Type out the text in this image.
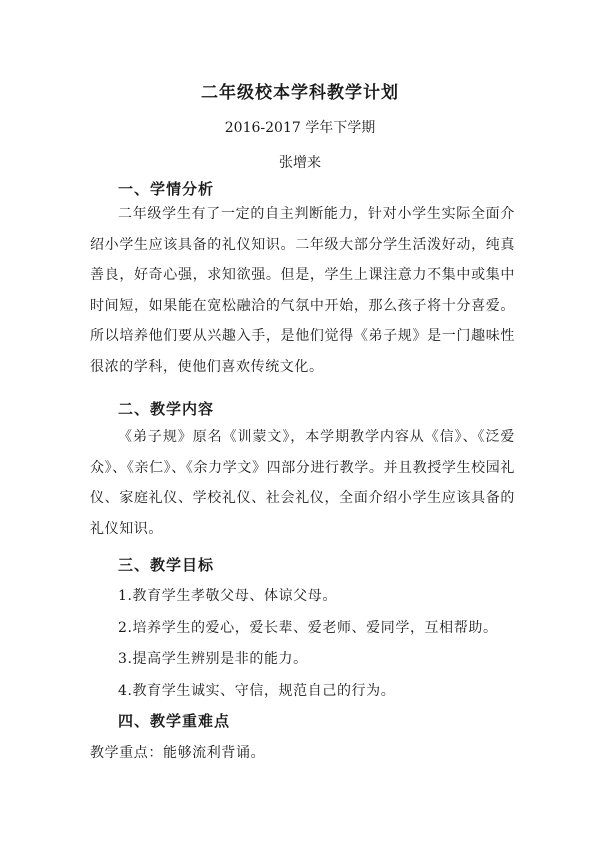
二年级校本学科教学计划
2016-2017 学年下学期
张增来
一、学情分析
二年级学生有了一定的自主判断能力，针对小学生实际全面介绍小学生应该具备的礼仪知识。二年级大部分学生活泼好动，纯真善良，好奇心强，求知欲强。但是，学生上课注意力不集中或集中时间短，如果能在宽松融洽的气氛中开始，那么孩子将十分喜爱。所以培养他们要从兴趣入手，是他们觉得《弟子规》是一门趣味性很浓的学科，使他们喜欢传统文化。
二、教学内容
《弟子规》原名《训蒙文》，本学期教学内容从《信》、《泛爱众》、《亲仁》、《余力学文》四部分进行教学。并且教授学生校园礼仪、家庭礼仪、学校礼仪、社会礼仪，全面介绍小学生应该具备的礼仪知识。
三、教学目标
1.教育学生孝敬父母、体谅父母。
2.培养学生的爱心，爱长辈、爱老师、爱同学，互相帮助。
3.提高学生辨别是非的能力。
4.教育学生诚实、守信，规范自己的行为。
四、教学重难点
教学重点：能够流利背诵。
